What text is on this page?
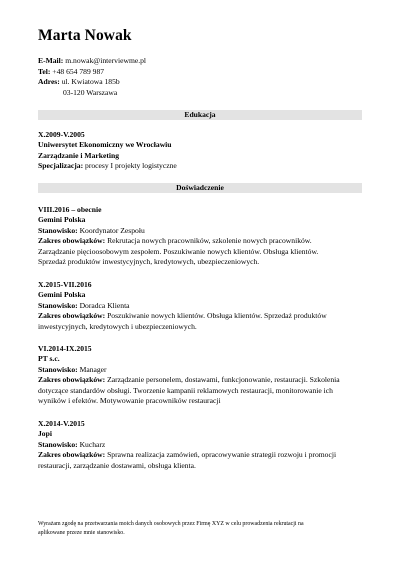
Marta Nowak
E-Mail: m.nowak@interviewme.pl
Tel: +48 654 789 987
Adres: ul. Kwiatowa 185b
03-120 Warszawa
Edukacja
X.2009-V.2005
Uniwersytet Ekonomiczny we Wrocławiu
Zarządzanie i Marketing
Specjalizacja: procesy I projekty logistyczne
Doświadczenie
VIII.2016 – obecnie
Gemini Polska
Stanowisko: Koordynator Zespołu
Zakres obowiązków: Rekrutacja nowych pracowników, szkolenie nowych pracowników.
Zarządzanie pięcioosobowym zespołem. Poszukiwanie nowych klientów. Obsługa klientów.
Sprzedaż produktów inwestycyjnych, kredytowych, ubezpieczeniowych.
X.2015-VII.2016
Gemini Polska
Stanowisko: Doradca Klienta
Zakres obowiązków: Poszukiwanie nowych klientów. Obsługa klientów. Sprzedaż produktów
inwestycyjnych, kredytowych i ubezpieczeniowych.
VI.2014-IX.2015
PT s.c.
Stanowisko: Manager
Zakres obowiązków: Zarządzanie personelem, dostawami, funkcjonowanie, restauracji. Szkolenia
dotyczące standardów obsługi. Tworzenie kampanii reklamowych restauracji, monitorowanie ich
wyników i efektów. Motywowanie pracowników restauracji
X.2014-V.2015
Jopi
Stanowisko: Kucharz
Zakres obowiązków: Sprawna realizacja zamówień, opracowywanie strategii rozwoju i promocji
restauracji, zarządzanie dostawami, obsługa klienta.
Wyrażam zgodę na przetwarzania moich danych osobowych przez Firmę XYZ w celu prowadzenia rekrutacji na
aplikowane przeze mnie stanowisko.
